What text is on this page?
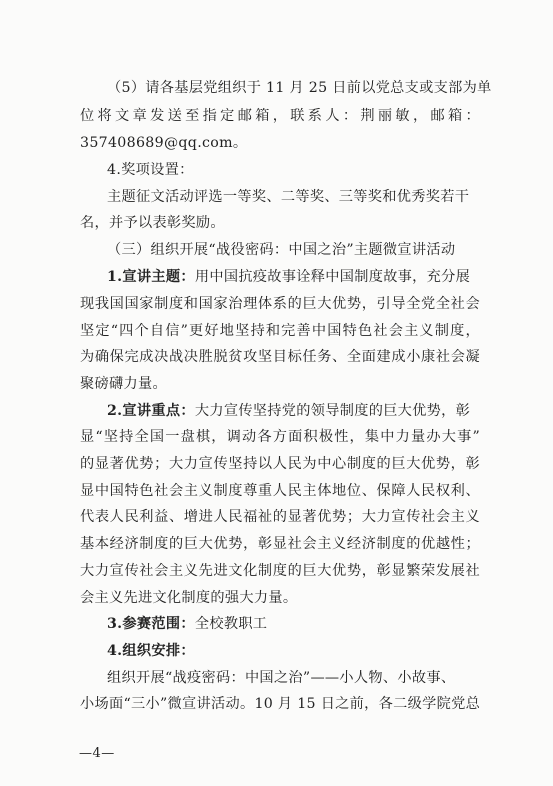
（5）请各基层党组织于 11 月 25 日前以党总支或支部为单
位将文章发送至指定邮箱，联系人：荆丽敏，邮箱：
357408689@qq.com。
4.奖项设置：
主题征文活动评选一等奖、二等奖、三等奖和优秀奖若干
名，并予以表彰奖励。
（三）组织开展“战役密码：中国之治”主题微宣讲活动
1.宣讲主题：用中国抗疫故事诠释中国制度故事，充分展
现我国国家制度和国家治理体系的巨大优势，引导全党全社会
坚定“四个自信”更好地坚持和完善中国特色社会主义制度，
为确保完成决战决胜脱贫攻坚目标任务、全面建成小康社会凝
聚磅礴力量。
2.宣讲重点：大力宣传坚持党的领导制度的巨大优势，彰
显“坚持全国一盘棋，调动各方面积极性，集中力量办大事”
的显著优势；大力宣传坚持以人民为中心制度的巨大优势，彰
显中国特色社会主义制度尊重人民主体地位、保障人民权利、
代表人民利益、增进人民福祉的显著优势；大力宣传社会主义
基本经济制度的巨大优势，彰显社会主义经济制度的优越性；
大力宣传社会主义先进文化制度的巨大优势，彰显繁荣发展社
会主义先进文化制度的强大力量。
3.参赛范围：全校教职工
4.组织安排：
组织开展“战疫密码：中国之治”——小人物、小故事、
小场面“三小”微宣讲活动。10 月 15 日之前，各二级学院党总
—4—
